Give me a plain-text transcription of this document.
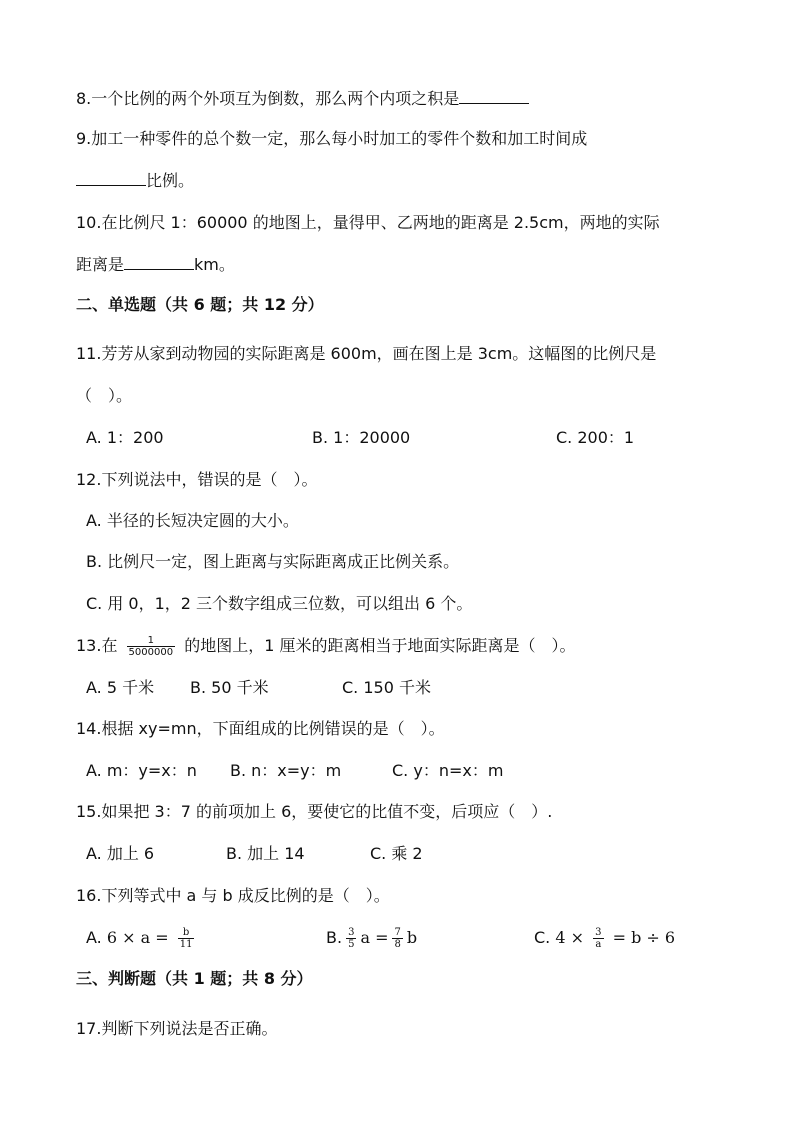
8.一个比例的两个外项互为倒数，那么两个内项之积是
9.加工一种零件的总个数一定，那么每小时加工的零件个数和加工时间成
比例。
10.在比例尺 1：60000 的地图上，量得甲、乙两地的距离是 2.5cm，两地的实际
距离是	km。
二、单选题（共 6 题；共 12 分）
11.芳芳从家到动物园的实际距离是 600m，画在图上是 3cm。这幅图的比例尺是
（　）。
A. 1：200	B. 1：20000	C. 200：1
12.下列说法中，错误的是（　）。
A. 半径的长短决定圆的大小。
B. 比例尺一定，图上距离与实际距离成正比例关系。
C. 用 0，1，2 三个数字组成三位数，可以组出 6 个。
13.在 $\frac{1}{5000000}$ 的地图上，1 厘米的距离相当于地面实际距离是（　）。
A. 5 千米 B. 50 千米	C. 150 千米
14.根据 xy=mn，下面组成的比例错误的是（　）。
A. m：y=x：n B. n：x=y：m	C. y：n=x：m
15.如果把 3：7 的前项加上 6，要使它的比值不变，后项应（　）.
A. 加上 6	B. 加上 14	C. 乘 2
16.下列等式中 a 与 b 成反比例的是（　）。
A. $6 \times a = \frac{b}{11}$	B. $\frac{3}{5}$ $a = \frac{7}{8}$ b	C. $4 \times \frac{3}{a} = b \div 6$
三、判断题（共 1 题；共 8 分）
17.判断下列说法是否正确。
